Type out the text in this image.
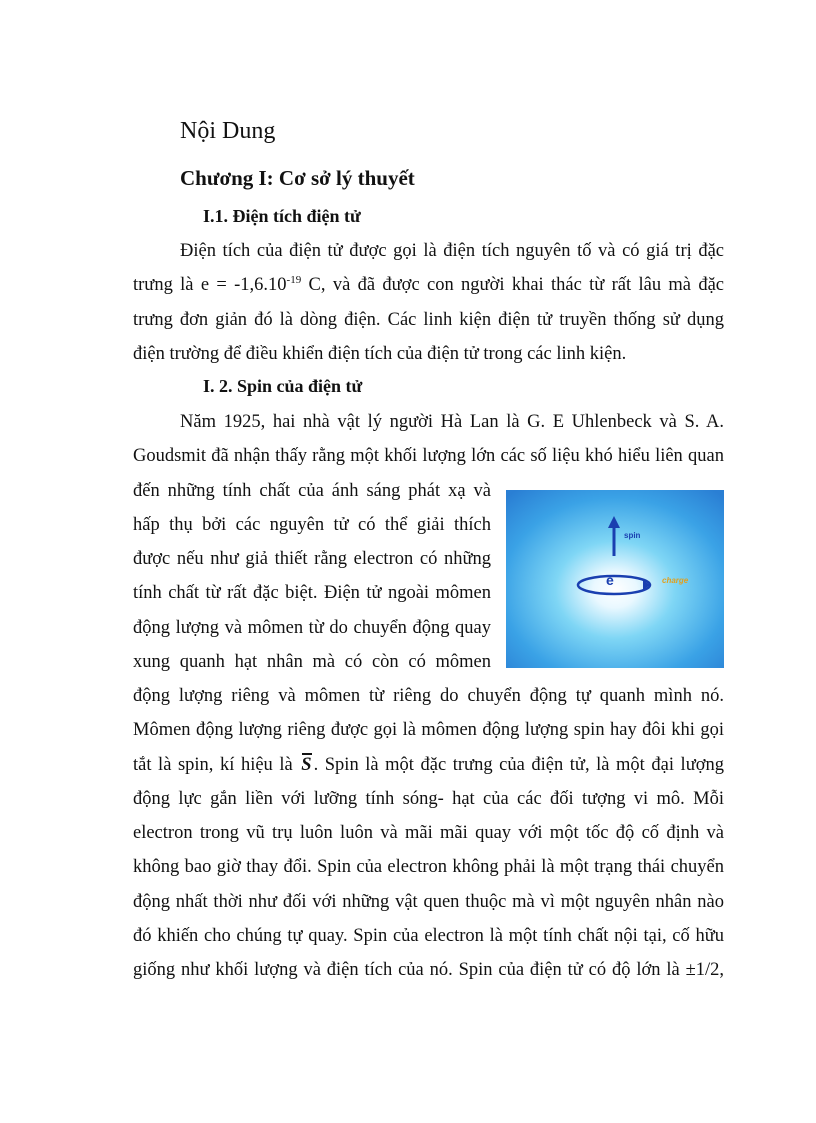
Nội Dung
Chương I: Cơ sở lý thuyết
I.1. Điện tích điện tử

Điện tích của điện tử được gọi là điện tích nguyên tố và có giá trị đặc

trưng là $e = -1,6.10^{-19}$ C, và đã được con người khai thác từ rất lâu mà đặc

trưng đơn giản đó là dòng điện. Các linh kiện điện tử truyền thống sử dụng

điện trường để điều khiển điện tích của điện tử trong các linh kiện.

I. 2. Spin của điện tử

Năm 1925, hai nhà vật lý người Hà Lan là G. E Uhlenbeck và S. A.

Goudsmit đã nhận thấy rằng một khối lượng lớn các số liệu khó hiểu liên quan

đến những tính chất của ánh sáng phát xạ và

hấp thụ bởi các nguyên tử có thể giải thích

được nếu như giả thiết rằng electron có những

tính chất từ rất đặc biệt. Điện tử ngoài mômen

động lượng và mômen từ do chuyển động quay

xung quanh hạt nhân mà có còn có mômen

động lượng riêng và mômen từ riêng do chuyển động tự quanh mình nó.

Mômen động lượng riêng được gọi là mômen động lượng spin hay đôi khi gọi

tắt là spin, kí hiệu là S . Spin là một đặc trưng của điện tử, là một đại lượng

động lực gắn liền với lưỡng tính sóng- hạt của các đối tượng vi mô. Mỗi

electron trong vũ trụ luôn luôn và mãi mãi quay với một tốc độ cố định và

không bao giờ thay đổi. Spin của electron không phải là một trạng thái chuyển

động nhất thời như đối với những vật quen thuộc mà vì một nguyên nhân nào

đó khiến cho chúng tự quay. Spin của electron là một tính chất nội tại, cố hữu

giống như khối lượng và điện tích của nó. Spin của điện tử có độ lớn là ±1/2,

spin
e−	charge
